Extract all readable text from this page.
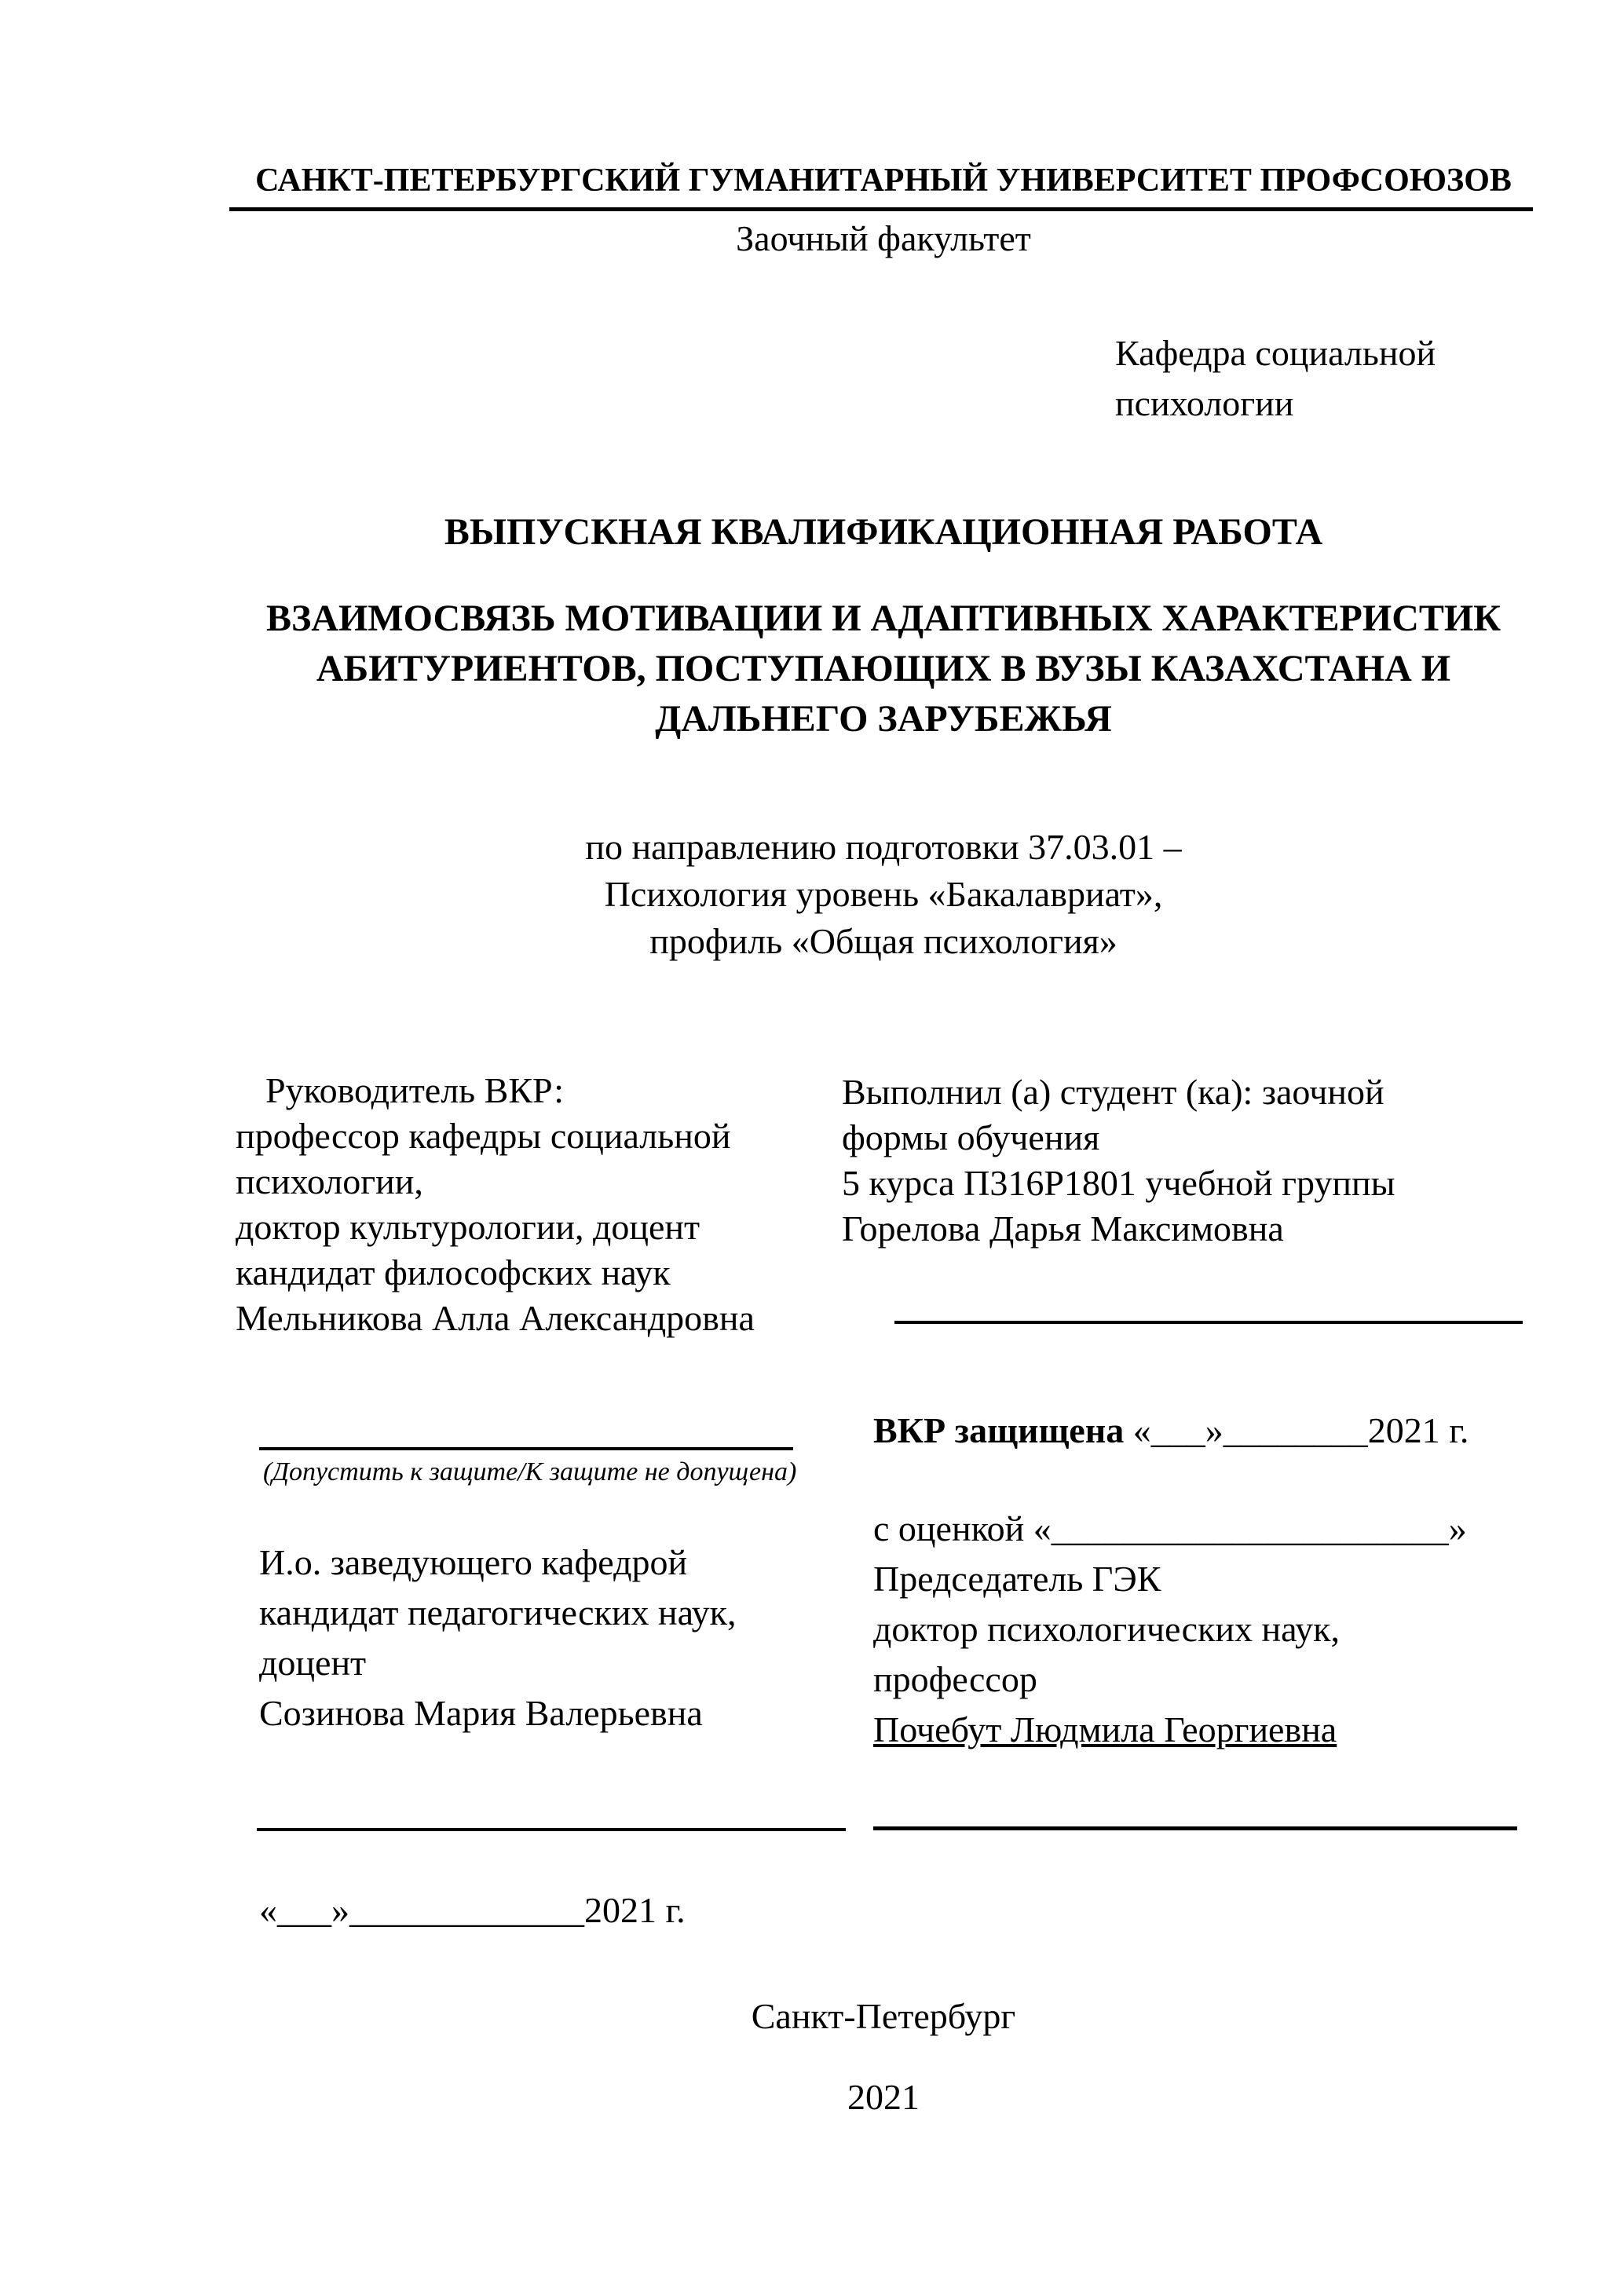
САНКТ-ПЕТЕРБУРГСКИЙ ГУМАНИТАРНЫЙ УНИВЕРСИТЕТ ПРОФСОЮЗОВ
Заочный факультет
Кафедра социальной
психологии
ВЫПУСКНАЯ КВАЛИФИКАЦИОННАЯ РАБОТА
ВЗАИМОСВЯЗЬ МОТИВАЦИИ И АДАПТИВНЫХ ХАРАКТЕРИСТИК
АБИТУРИЕНТОВ, ПОСТУПАЮЩИХ В ВУЗЫ КАЗАХСТАНА И
ДАЛЬНЕГО ЗАРУБЕЖЬЯ
по направлению подготовки 37.03.01 –
Психология уровень «Бакалавриат»,
профиль «Общая психология»
Руководитель ВКР:
профессор кафедры социальной
психологии,
доктор культурологии, доцент
кандидат философских наук
Мельникова Алла Александровна
Выполнил (а) студент (ка): заочной
формы обучения
5 курса П316Р1801 учебной группы
Горелова Дарья Максимовна
(Допустить к защите/К защите не допущена)
И.о. заведующего кафедрой
кандидат педагогических наук,
доцент
Созинова Мария Валерьевна
ВКР защищена «___»________2021 г.
с оценкой «______________________»
Председатель ГЭК
доктор психологических наук,
профессор
Почебут Людмила Георгиевна
«___»_____________2021 г.
Санкт-Петербург
2021
